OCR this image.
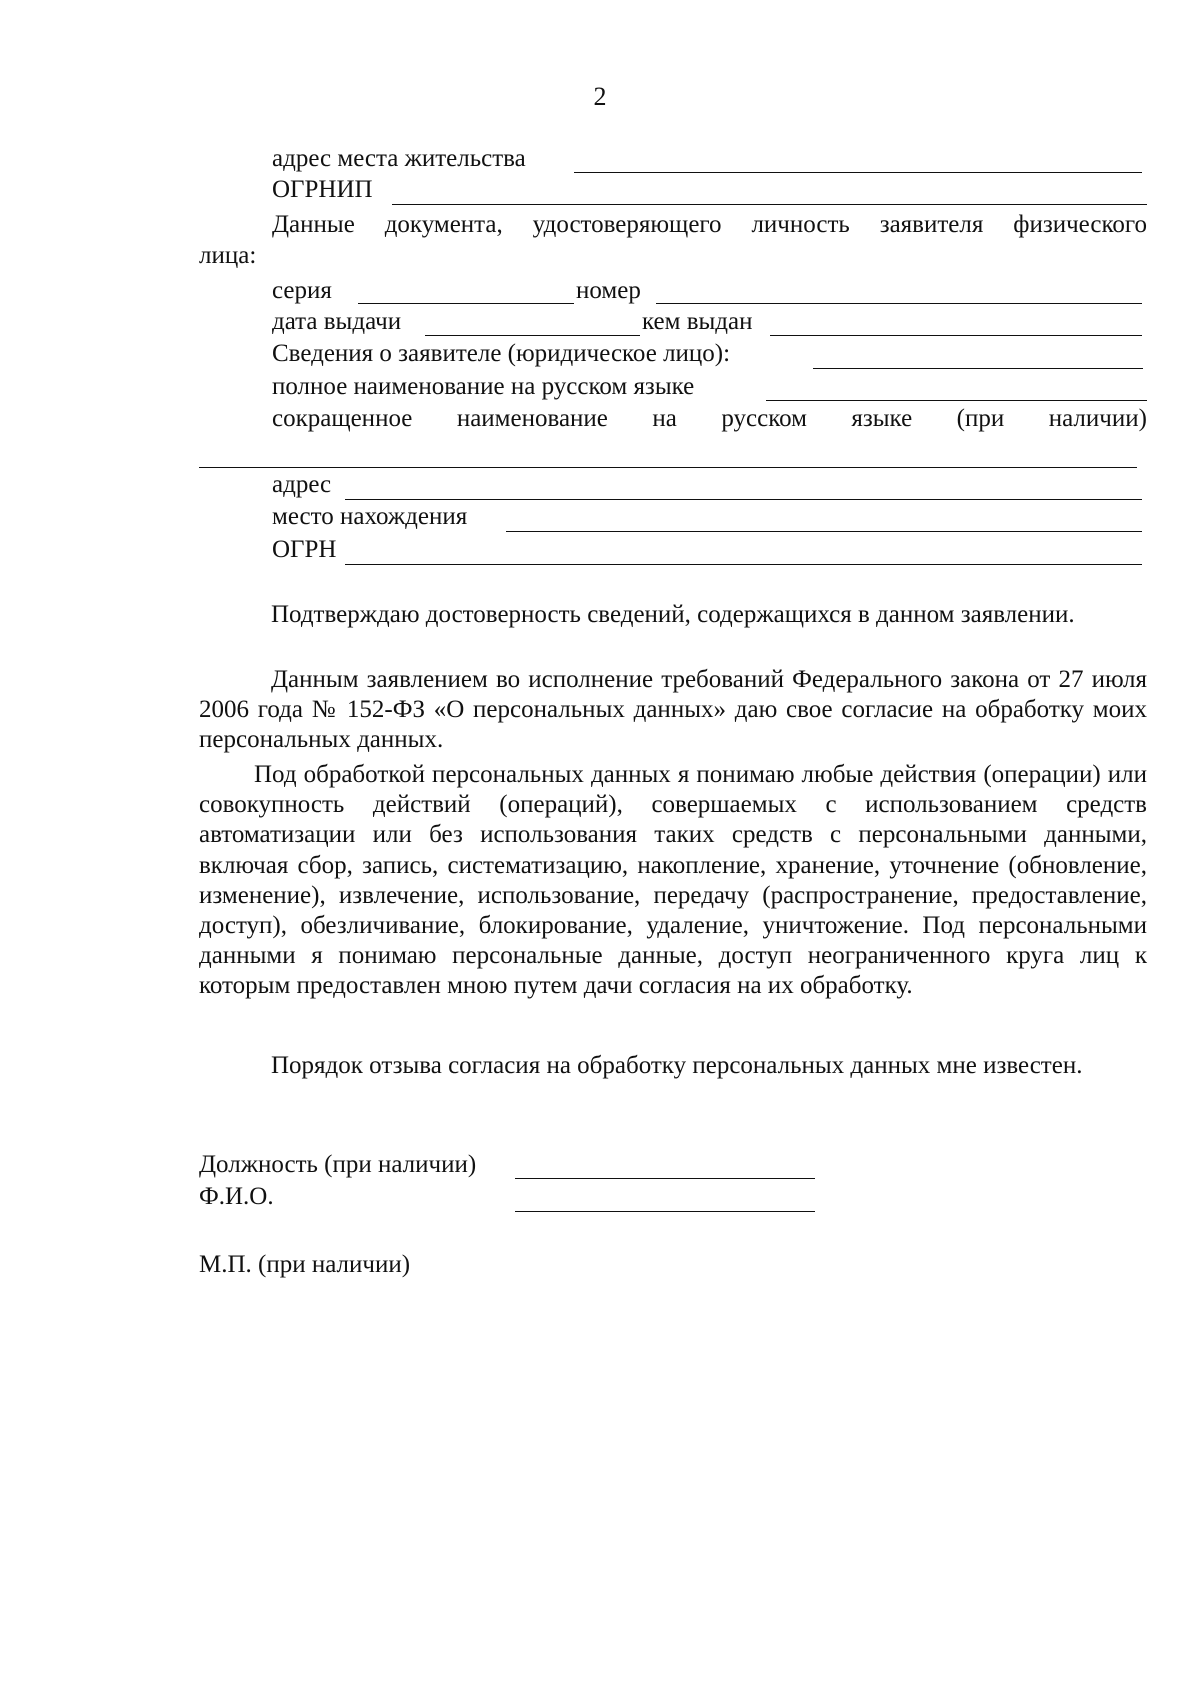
2
адрес места жительства
ОГРНИП
Данные документа, удостоверяющего личность заявителя физического
лица:
серия	номер
дата выдачи	кем выдан
Сведения о заявителе (юридическое лицо):
полное наименование на русском языке
сокращенное наименование на русском языке (при наличии)
адрес
место нахождения
ОГРН
Подтверждаю достоверность сведений, содержащихся в данном заявлении.
Данным заявлением во исполнение требований Федерального закона от 27 июля 2006 года № 152-ФЗ «О персональных данных» даю свое согласие на обработку моих персональных данных.
Под обработкой персональных данных я понимаю любые действия (операции) или совокупность действий (операций), совершаемых с использованием средств автоматизации или без использования таких средств с персональными данными, включая сбор, запись, систематизацию, накопление, хранение, уточнение (обновление, изменение), извлечение, использование, передачу (распространение, предоставление, доступ), обезличивание, блокирование, удаление, уничтожение. Под персональными данными я понимаю персональные данные, доступ неограниченного круга лиц к которым предоставлен мною путем дачи согласия на их обработку.
Порядок отзыва согласия на обработку персональных данных мне известен.
Должность (при наличии)
Ф.И.О.
М.П. (при наличии)
